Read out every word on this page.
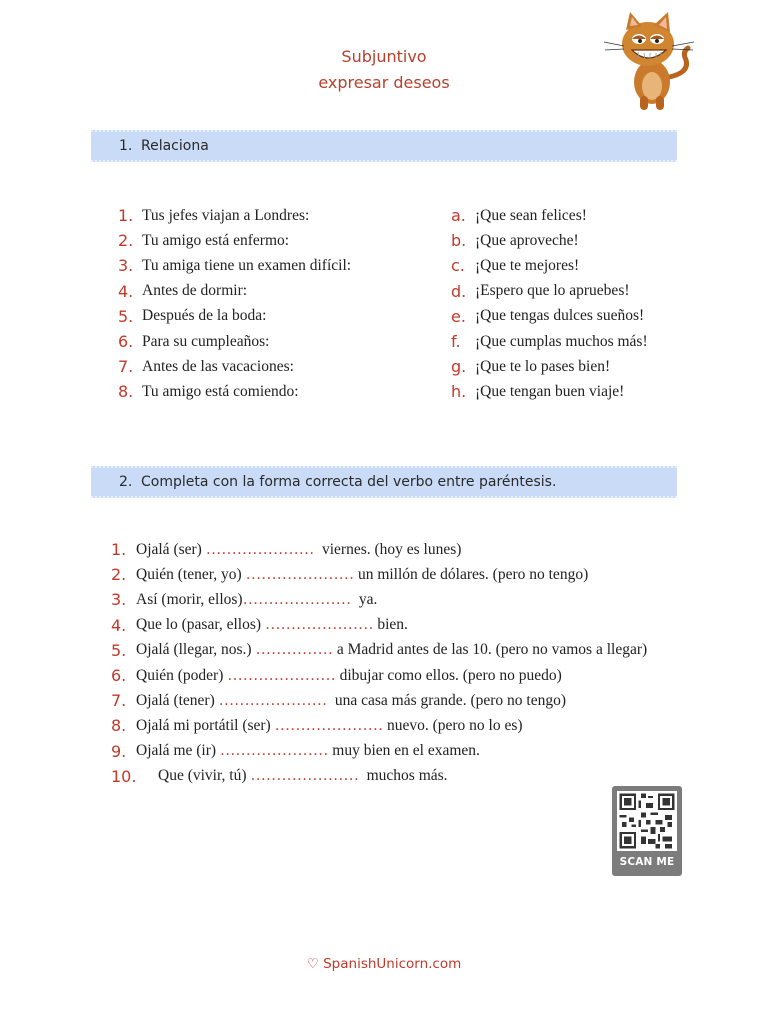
Subjuntivo
expresar deseos
1. Relaciona
1. Tus jefes viajan a Londres:
2. Tu amigo está enfermo:
3. Tu amiga tiene un examen difícil:
4. Antes de dormir:
5. Después de la boda:
6. Para su cumpleaños:
7. Antes de las vacaciones:
8. Tu amigo está comiendo:
a. ¡Que sean felices!
b. ¡Que aproveche!
c. ¡Que te mejores!
d. ¡Espero que lo apruebes!
e. ¡Que tengas dulces sueños!
f. ¡Que cumplas muchos más!
g. ¡Que te lo pases bien!
h. ¡Que tengan buen viaje!
2. Completa con la forma correcta del verbo entre paréntesis.
1. Ojalá (ser) ………………… viernes. (hoy es lunes)
2. Quién (tener, yo) ………………… un millón de dólares. (pero no tengo)
3. Así (morir, ellos) ………………… ya.
4. Que lo (pasar, ellos) ………………… bien.
5. Ojalá (llegar, nos.) …………… a Madrid antes de las 10. (pero no vamos a llegar)
6. Quién (poder) ………………… dibujar como ellos. (pero no puedo)
7. Ojalá (tener) ………………… una casa más grande. (pero no tengo)
8. Ojalá mi portátil (ser) ………………… nuevo. (pero no lo es)
9. Ojalá me (ir) ………………… muy bien en el examen.
10.	Que (vivir, tú) ………………… muchos más.
SCAN ME
♡ SpanishUnicorn.com
